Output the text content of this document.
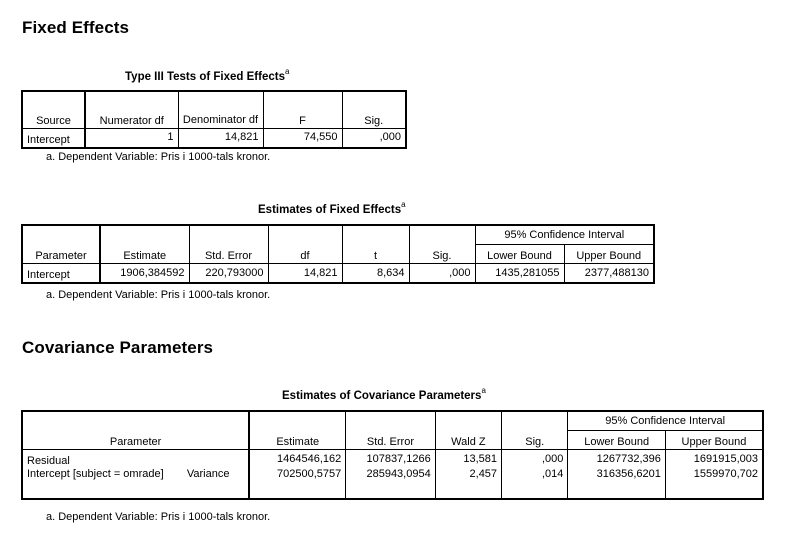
Fixed Effects

Type III Tests of Fixed Effects$^a$

Source	Numerator df	Denominator df	F	Sig.
Intercept	1	14,821	74,550	,000

a. Dependent Variable: Pris i 1000-tals kronor.

Estimates of Fixed Effects$^a$

Parameter	Estimate	Std. Error	df	t	Sig.	95% Confidence Interval	
						Lower Bound	Upper Bound
Intercept	1906,384592	220,793000	14,821	8,634	,000	1435,281055	2377,488130

a. Dependent Variable: Pris i 1000-tals kronor.

Covariance Parameters

Estimates of Covariance Parameters$^a$

Parameter		Estimate	Std. Error	Wald Z	Sig.	95% Confidence Interval	
						Lower Bound	Upper Bound
Residual		1464546,162	107837,1266	13,581	,000	1267732,396	1691915,003
Intercept [subject = omrade]	Variance	702500,5757	285943,0954	2,457	,014	316356,6201	1559970,702

a. Dependent Variable: Pris i 1000-tals kronor.
